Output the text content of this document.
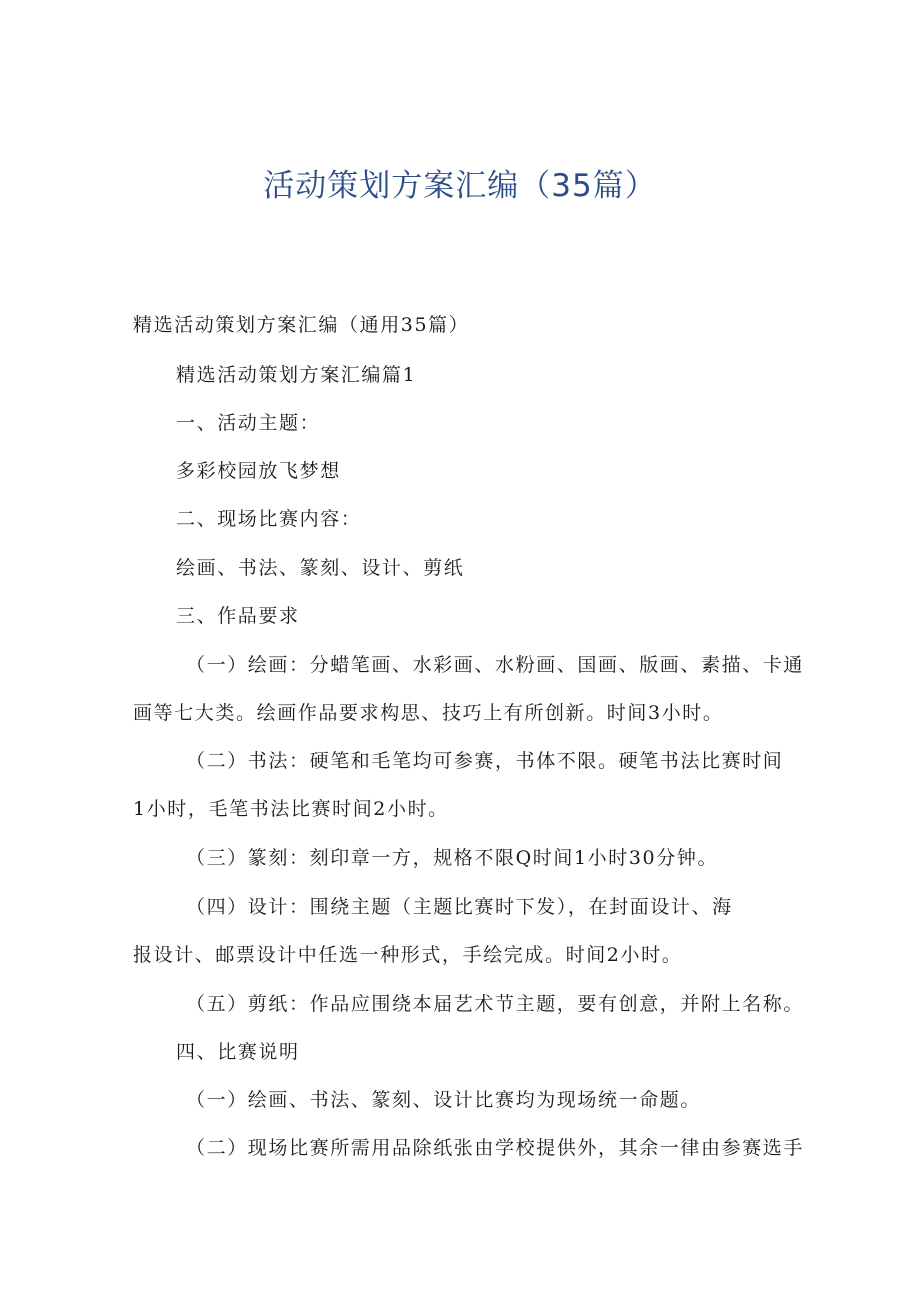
活动策划方案汇编（35篇）

精选活动策划方案汇编（通用35篇）

精选活动策划方案汇编篇1

一、活动主题：

多彩校园放飞梦想

二、现场比赛内容：

绘画、书法、篆刻、设计、剪纸

三、作品要求

（一）绘画：分蜡笔画、水彩画、水粉画、国画、版画、素描、卡通

画等七大类。绘画作品要求构思、技巧上有所创新。时间3小时。

（二）书法：硬笔和毛笔均可参赛，书体不限。硬笔书法比赛时间

1小时，毛笔书法比赛时间2小时。

（三）篆刻：刻印章一方，规格不限Q时间1小时30分钟。

（四）设计：围绕主题（主题比赛时下发），在封面设计、海

报设计、邮票设计中任选一种形式，手绘完成。时间2小时。

（五）剪纸：作品应围绕本届艺术节主题，要有创意，并附上名称。

四、比赛说明

（一）绘画、书法、篆刻、设计比赛均为现场统一命题。

（二）现场比赛所需用品除纸张由学校提供外，其余一律由参赛选手
